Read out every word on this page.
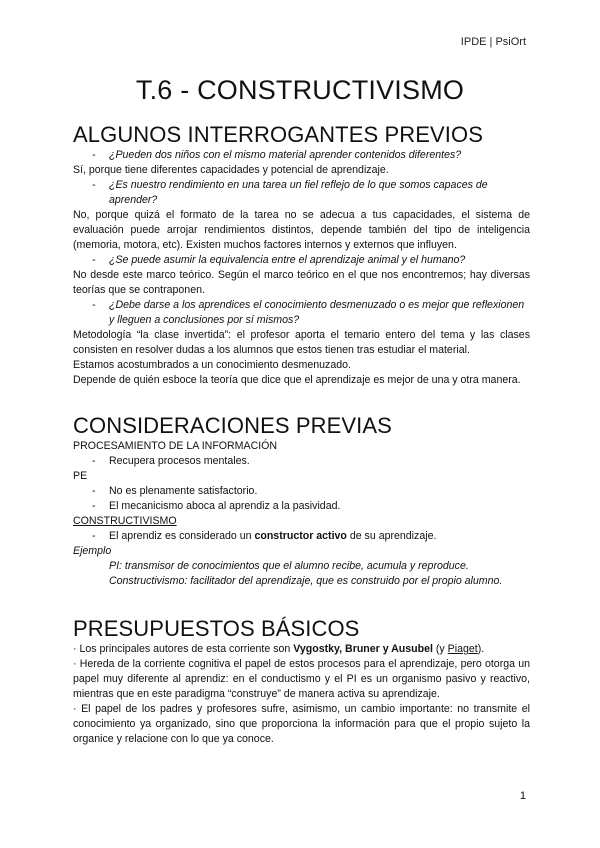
IPDE | PsiOrt
T.6 - CONSTRUCTIVISMO
ALGUNOS INTERROGANTES PREVIOS

-	¿Pueden dos niños con el mismo material aprender contenidos diferentes?

Sí, porque tiene diferentes capacidades y potencial de aprendizaje.

-	¿Es nuestro rendimiento en una tarea un fiel reflejo de lo que somos capaces de aprender?

No, porque quizá el formato de la tarea no se adecua a tus capacidades, el sistema de evaluación puede arrojar rendimientos distintos, depende también del tipo de inteligencia (memoria, motora, etc). Existen muchos factores internos y externos que influyen.

-	¿Se puede asumir la equivalencia entre el aprendizaje animal y el humano?

No desde este marco teórico. Según el marco teórico en el que nos encontremos; hay diversas teorías que se contraponen.

-	¿Debe darse a los aprendices el conocimiento desmenuzado o es mejor que reflexionen y lleguen a conclusiones por sí mismos?

Metodología “la clase invertida”: el profesor aporta el temario entero del tema y las clases consisten en resolver dudas a los alumnos que estos tienen tras estudiar el material.

Estamos acostumbrados a un conocimiento desmenuzado.

Depende de quién esboce la teoría que dice que el aprendizaje es mejor de una y otra manera.

CONSIDERACIONES PREVIAS

PROCESAMIENTO DE LA INFORMACIÓN

- Recupera procesos mentales.

PE

- No es plenamente satisfactorio.

- El mecanicismo aboca al aprendiz a la pasividad.

CONSTRUCTIVISMO

- El aprendiz es considerado un constructor activo de su aprendizaje.

Ejemplo

PI: transmisor de conocimientos que el alumno recibe, acumula y reproduce.

Constructivismo: facilitador del aprendizaje, que es construido por el propio alumno.

PRESUPUESTOS BÁSICOS

· Los principales autores de esta corriente son Vygostky, Bruner y Ausubel (y Piaget).

· Hereda de la corriente cognitiva el papel de estos procesos para el aprendizaje, pero otorga un papel muy diferente al aprendiz: en el conductismo y el PI es un organismo pasivo y reactivo, mientras que en este paradigma “construye” de manera activa su aprendizaje.

· El papel de los padres y profesores sufre, asimismo, un cambio importante: no transmite el conocimiento ya organizado, sino que proporciona la información para que el propio sujeto la organice y relacione con lo que ya conoce.

1
